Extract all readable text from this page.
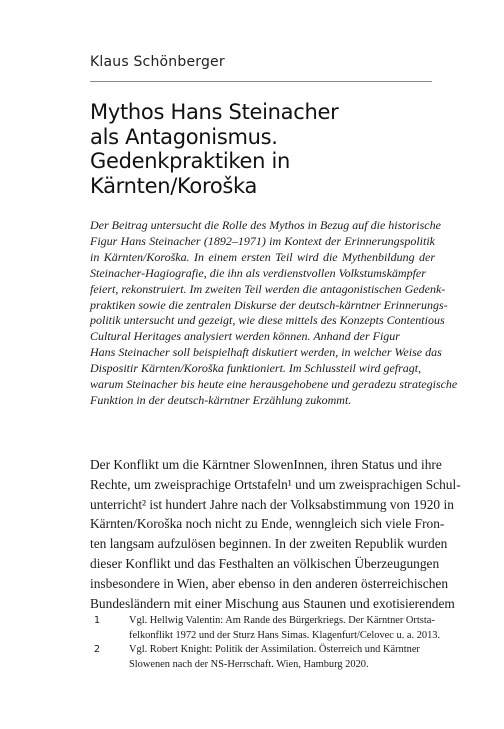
Klaus Schönberger
Mythos Hans Steinacher
als Antagonismus.
Gedenkpraktiken in
Kärnten/Koroška
Der Beitrag untersucht die Rolle des Mythos in Bezug auf die historische
Figur Hans Steinacher (1892–1971) im Kontext der Erinnerungspolitik
in Kärnten/Koroška. In einem ersten Teil wird die Mythenbildung der
Steinacher-Hagiografie, die ihn als verdienstvollen Volkstumskämpfer
feiert, rekonstruiert. Im zweiten Teil werden die antagonistischen Gedenk-
praktiken sowie die zentralen Diskurse der deutsch-kärntner Erinnerungs-
politik untersucht und gezeigt, wie diese mittels des Konzepts Contentious
Cultural Heritages analysiert werden können. Anhand der Figur
Hans Steinacher soll beispielhaft diskutiert werden, in welcher Weise das
Dispositir Kärnten/Koroška funktioniert. Im Schlussteil wird gefragt,
warum Steinacher bis heute eine herausgehobene und geradezu strategische
Funktion in der deutsch-kärntner Erzählung zukommt.
Der Konflikt um die Kärntner SlowenInnen, ihren Status und ihre
Rechte, um zweisprachige Ortstafeln¹ und um zweisprachigen Schul-
unterricht² ist hundert Jahre nach der Volksabstimmung von 1920 in
Kärnten/Koroška noch nicht zu Ende, wenngleich sich viele Fron-
ten langsam aufzulösen beginnen. In der zweiten Republik wurden
dieser Konflikt und das Festhalten an völkischen Überzeugungen
insbesondere in Wien, aber ebenso in den anderen österreichischen
Bundesländern mit einer Mischung aus Staunen und exotisierendem
1	Vgl. Hellwig Valentin: Am Rande des Bürgerkriegs. Der Kärntner Ortsta-
felkonflikt 1972 und der Sturz Hans Simas. Klagenfurt/Celovec u. a. 2013.
2	Vgl. Robert Knight: Politik der Assimilation. Österreich und Kärntner
Slowenen nach der NS-Herrschaft. Wien, Hamburg 2020.
